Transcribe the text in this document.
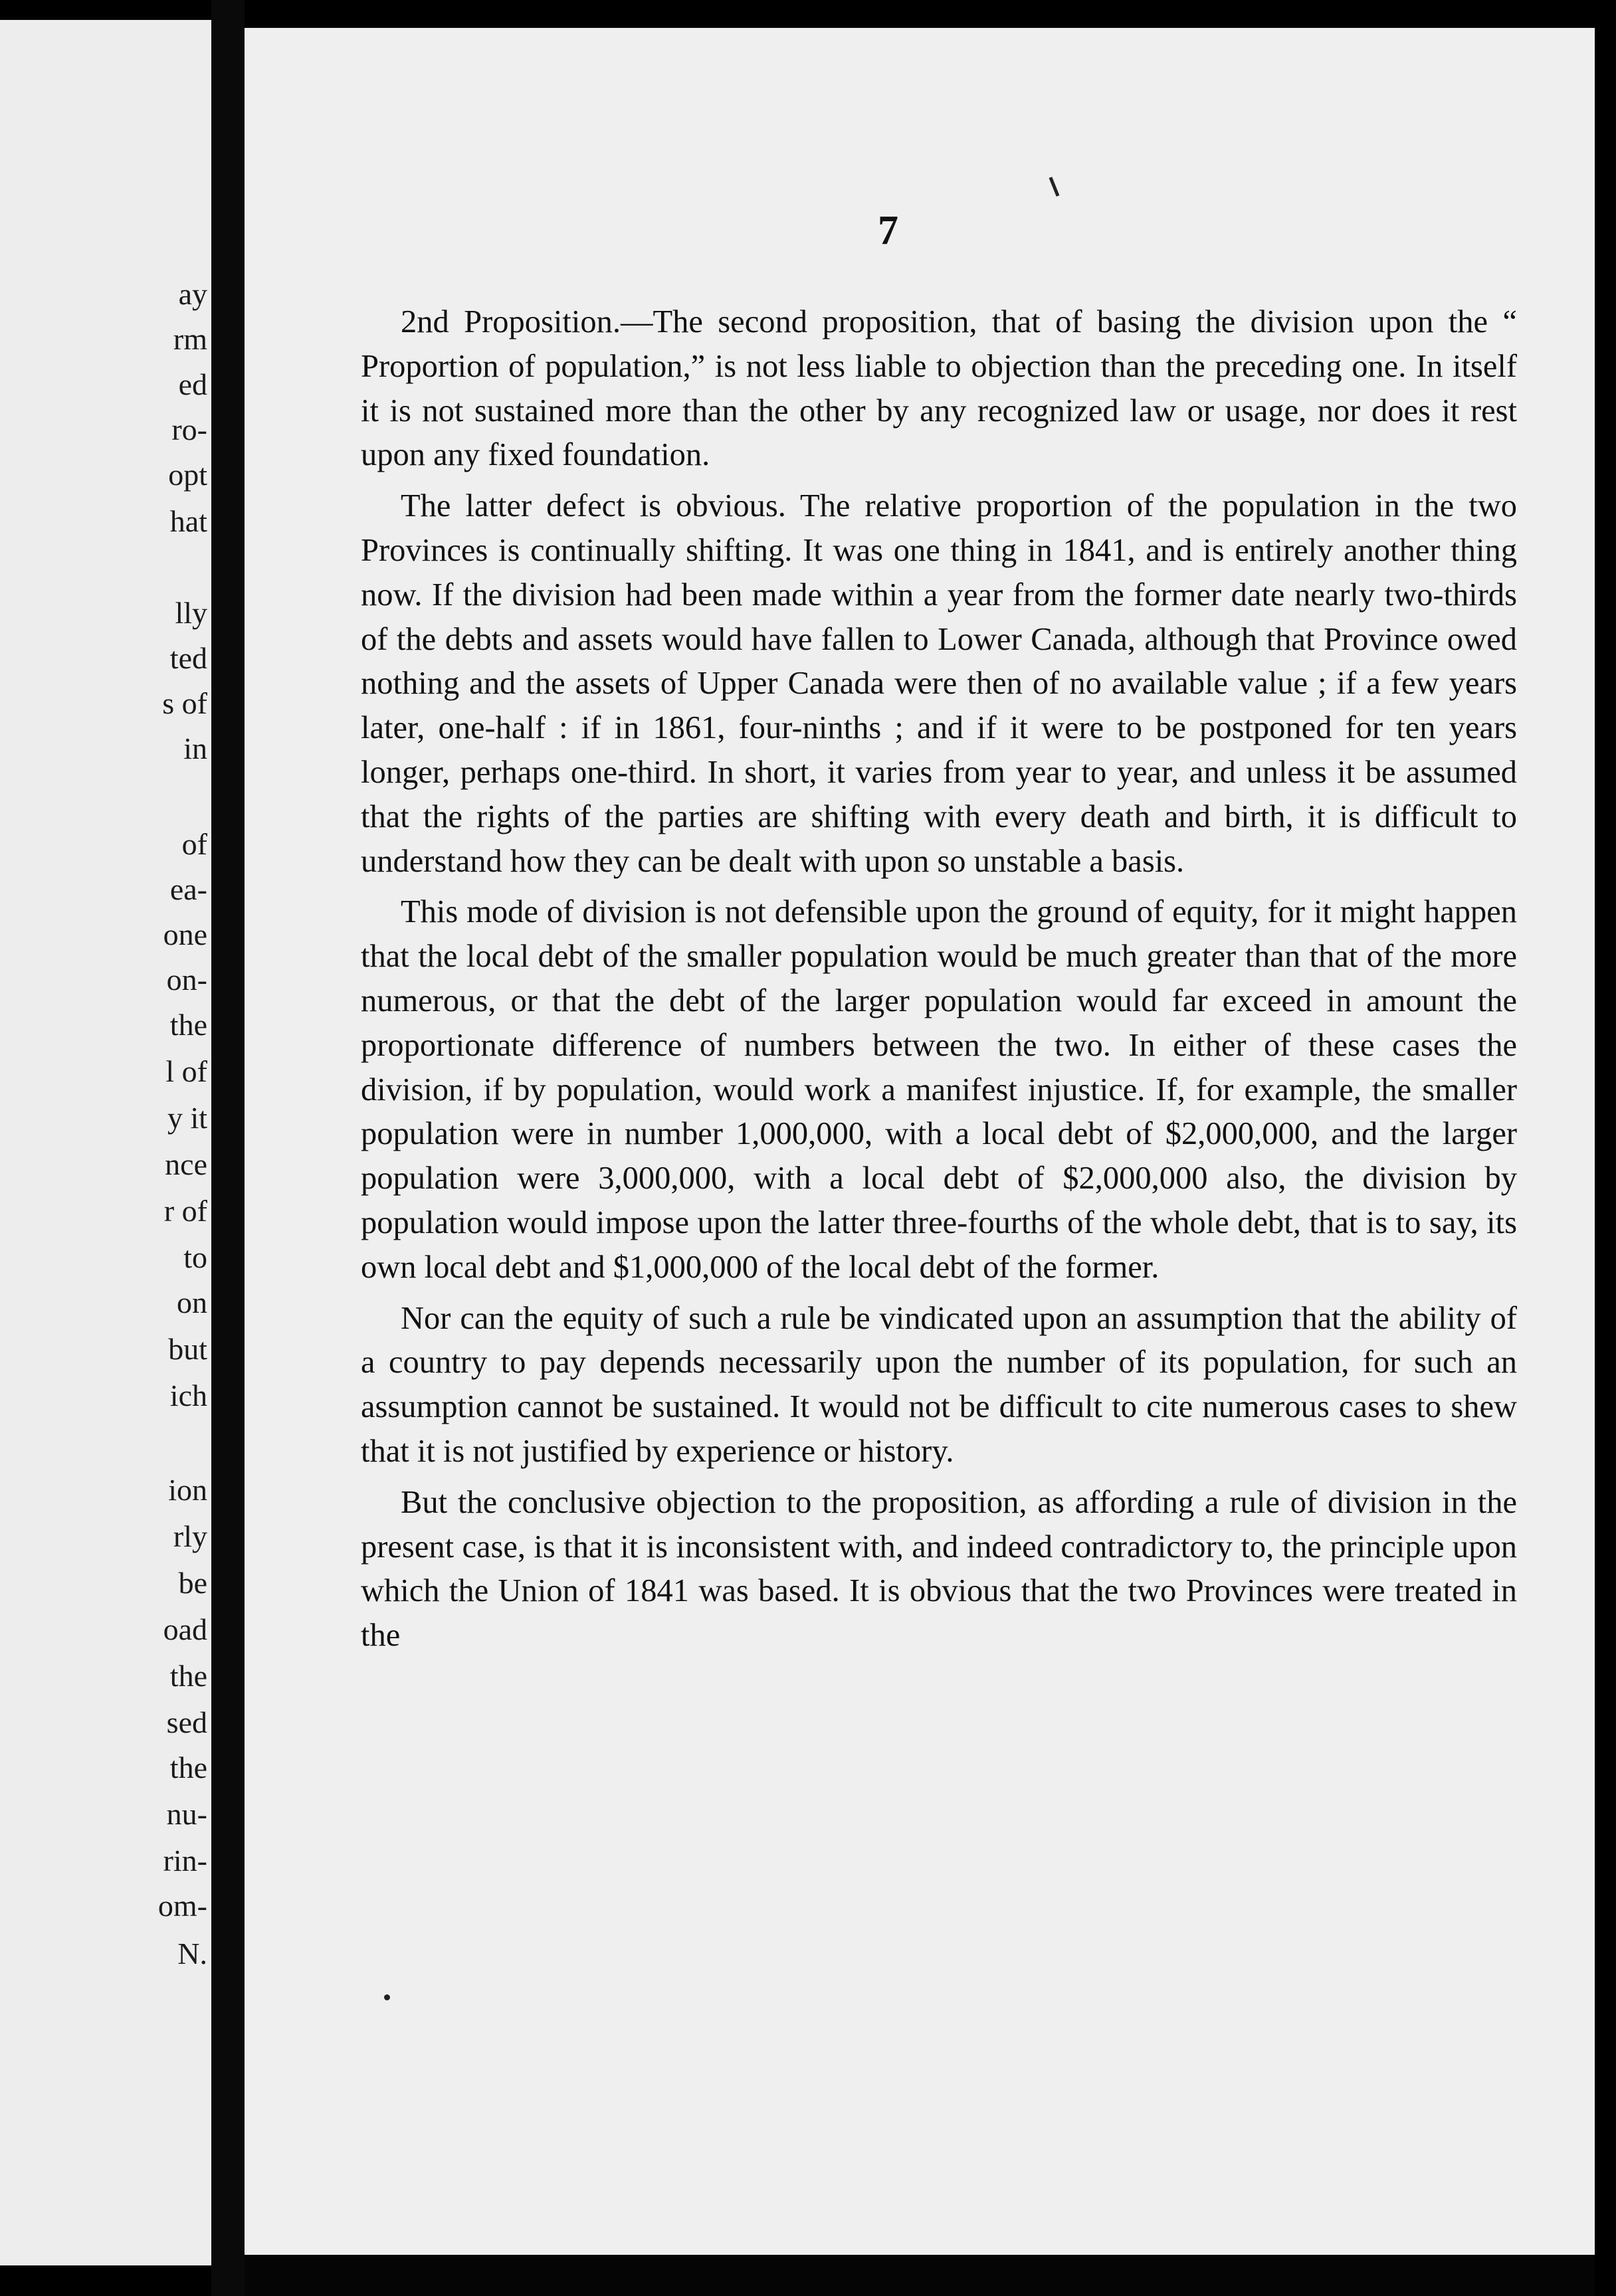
ay
rm
ed
ro-
opt
hat
lly
ted
s of
in
of
ea-
one
on-
the
l of
y it
nce
r of
to
on
but
ich
ion
rly
be
oad
the
sed
the
nu-
rin-
om-
N.
7

2nd Proposition.—The second proposition, that of basing the division upon the “ Proportion of population,” is not less liable to objection than the preceding one. In itself it is not sustained more than the other by any recognized law or usage, nor does it rest upon any fixed foundation.

The latter defect is obvious. The relative proportion of the population in the two Provinces is continually shifting. It was one thing in 1841, and is entirely another thing now. If the division had been made within a year from the former date nearly two-thirds of the debts and assets would have fallen to Lower Canada, although that Province owed nothing and the assets of Upper Canada were then of no available value ; if a few years later, one-half : if in 1861, four-ninths ; and if it were to be postponed for ten years longer, perhaps one-third. In short, it varies from year to year, and unless it be assumed that the rights of the parties are shifting with every death and birth, it is difficult to understand how they can be dealt with upon so unstable a basis.

This mode of division is not defensible upon the ground of equity, for it might happen that the local debt of the smaller population would be much greater than that of the more numerous, or that the debt of the larger population would far exceed in amount the proportionate difference of numbers between the two. In either of these cases the division, if by population, would work a manifest injustice. If, for example, the smaller population were in number 1,000,000, with a local debt of $2,000,000, and the larger population were 3,000,000, with a local debt of $2,000,000 also, the division by population would impose upon the latter three-fourths of the whole debt, that is to say, its own local debt and $1,000,000 of the local debt of the former.

Nor can the equity of such a rule be vindicated upon an assumption that the ability of a country to pay depends necessarily upon the number of its population, for such an assumption cannot be sustained. It would not be difficult to cite numerous cases to shew that it is not justified by experience or history.

But the conclusive objection to the proposition, as affording a rule of division in the present case, is that it is inconsistent with, and indeed contradictory to, the principle upon which the Union of 1841 was based. It is obvious that the two Provinces were treated in the
